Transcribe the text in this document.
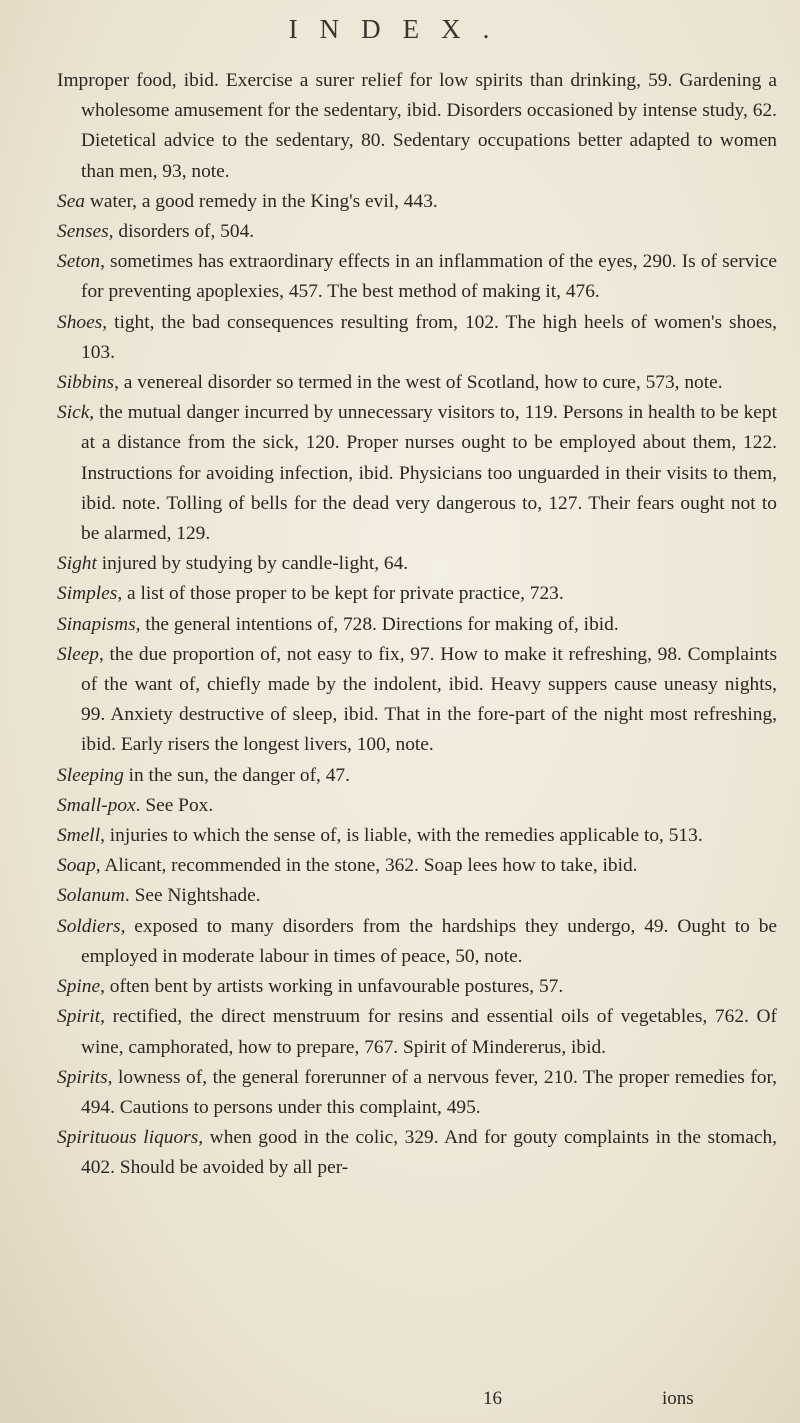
INDEX.

Improper food, ibid. Exercise a surer relief for low spirits than drinking, 59. Gardening a wholesome amusement for the sedentary, ibid. Disorders occasioned by intense study, 62. Dietetical advice to the sedentary, 80. Sedentary occupations better adapted to women than men, 93, note.

Sea water, a good remedy in the King's evil, 443.

Senses, disorders of, 504.

Seton, sometimes has extraordinary effects in an inflammation of the eyes, 290. Is of service for preventing apoplexies, 457. The best method of making it, 476.

Shoes, tight, the bad consequences resulting from, 102. The high heels of women's shoes, 103.

Sibbins, a venereal disorder so termed in the west of Scotland, how to cure, 573, note.

Sick, the mutual danger incurred by unnecessary visitors to, 119. Persons in health to be kept at a distance from the sick, 120. Proper nurses ought to be employed about them, 122. Instructions for avoiding infection, ibid. Physicians too unguarded in their visits to them, ibid. note. Tolling of bells for the dead very dangerous to, 127. Their fears ought not to be alarmed, 129.

Sight injured by studying by candle-light, 64.

Simples, a list of those proper to be kept for private practice, 723.

Sinapisms, the general intentions of, 728. Directions for making of, ibid.

Sleep, the due proportion of, not easy to fix, 97. How to make it refreshing, 98. Complaints of the want of, chiefly made by the indolent, ibid. Heavy suppers cause uneasy nights, 99. Anxiety destructive of sleep, ibid. That in the fore-part of the night most refreshing, ibid. Early risers the longest livers, 100, note.

Sleeping in the sun, the danger of, 47.

Small-pox. See Pox.

Smell, injuries to which the sense of, is liable, with the remedies applicable to, 513.

Soap, Alicant, recommended in the stone, 362. Soap lees how to take, ibid.

Solanum. See Nightshade.

Soldiers, exposed to many disorders from the hardships they undergo, 49. Ought to be employed in moderate labour in times of peace, 50, note.

Spine, often bent by artists working in unfavourable postures, 57.

Spirit, rectified, the direct menstruum for resins and essential oils of vegetables, 762. Of wine, camphorated, how to prepare, 767. Spirit of Mindererus, ibid.

Spirits, lowness of, the general forerunner of a nervous fever, 210. The proper remedies for, 494. Cautions to persons under this complaint, 495.

Spirituous liquors, when good in the colic, 329. And for gouty complaints in the stomach, 402. Should be avoided by all per-

16	ions
